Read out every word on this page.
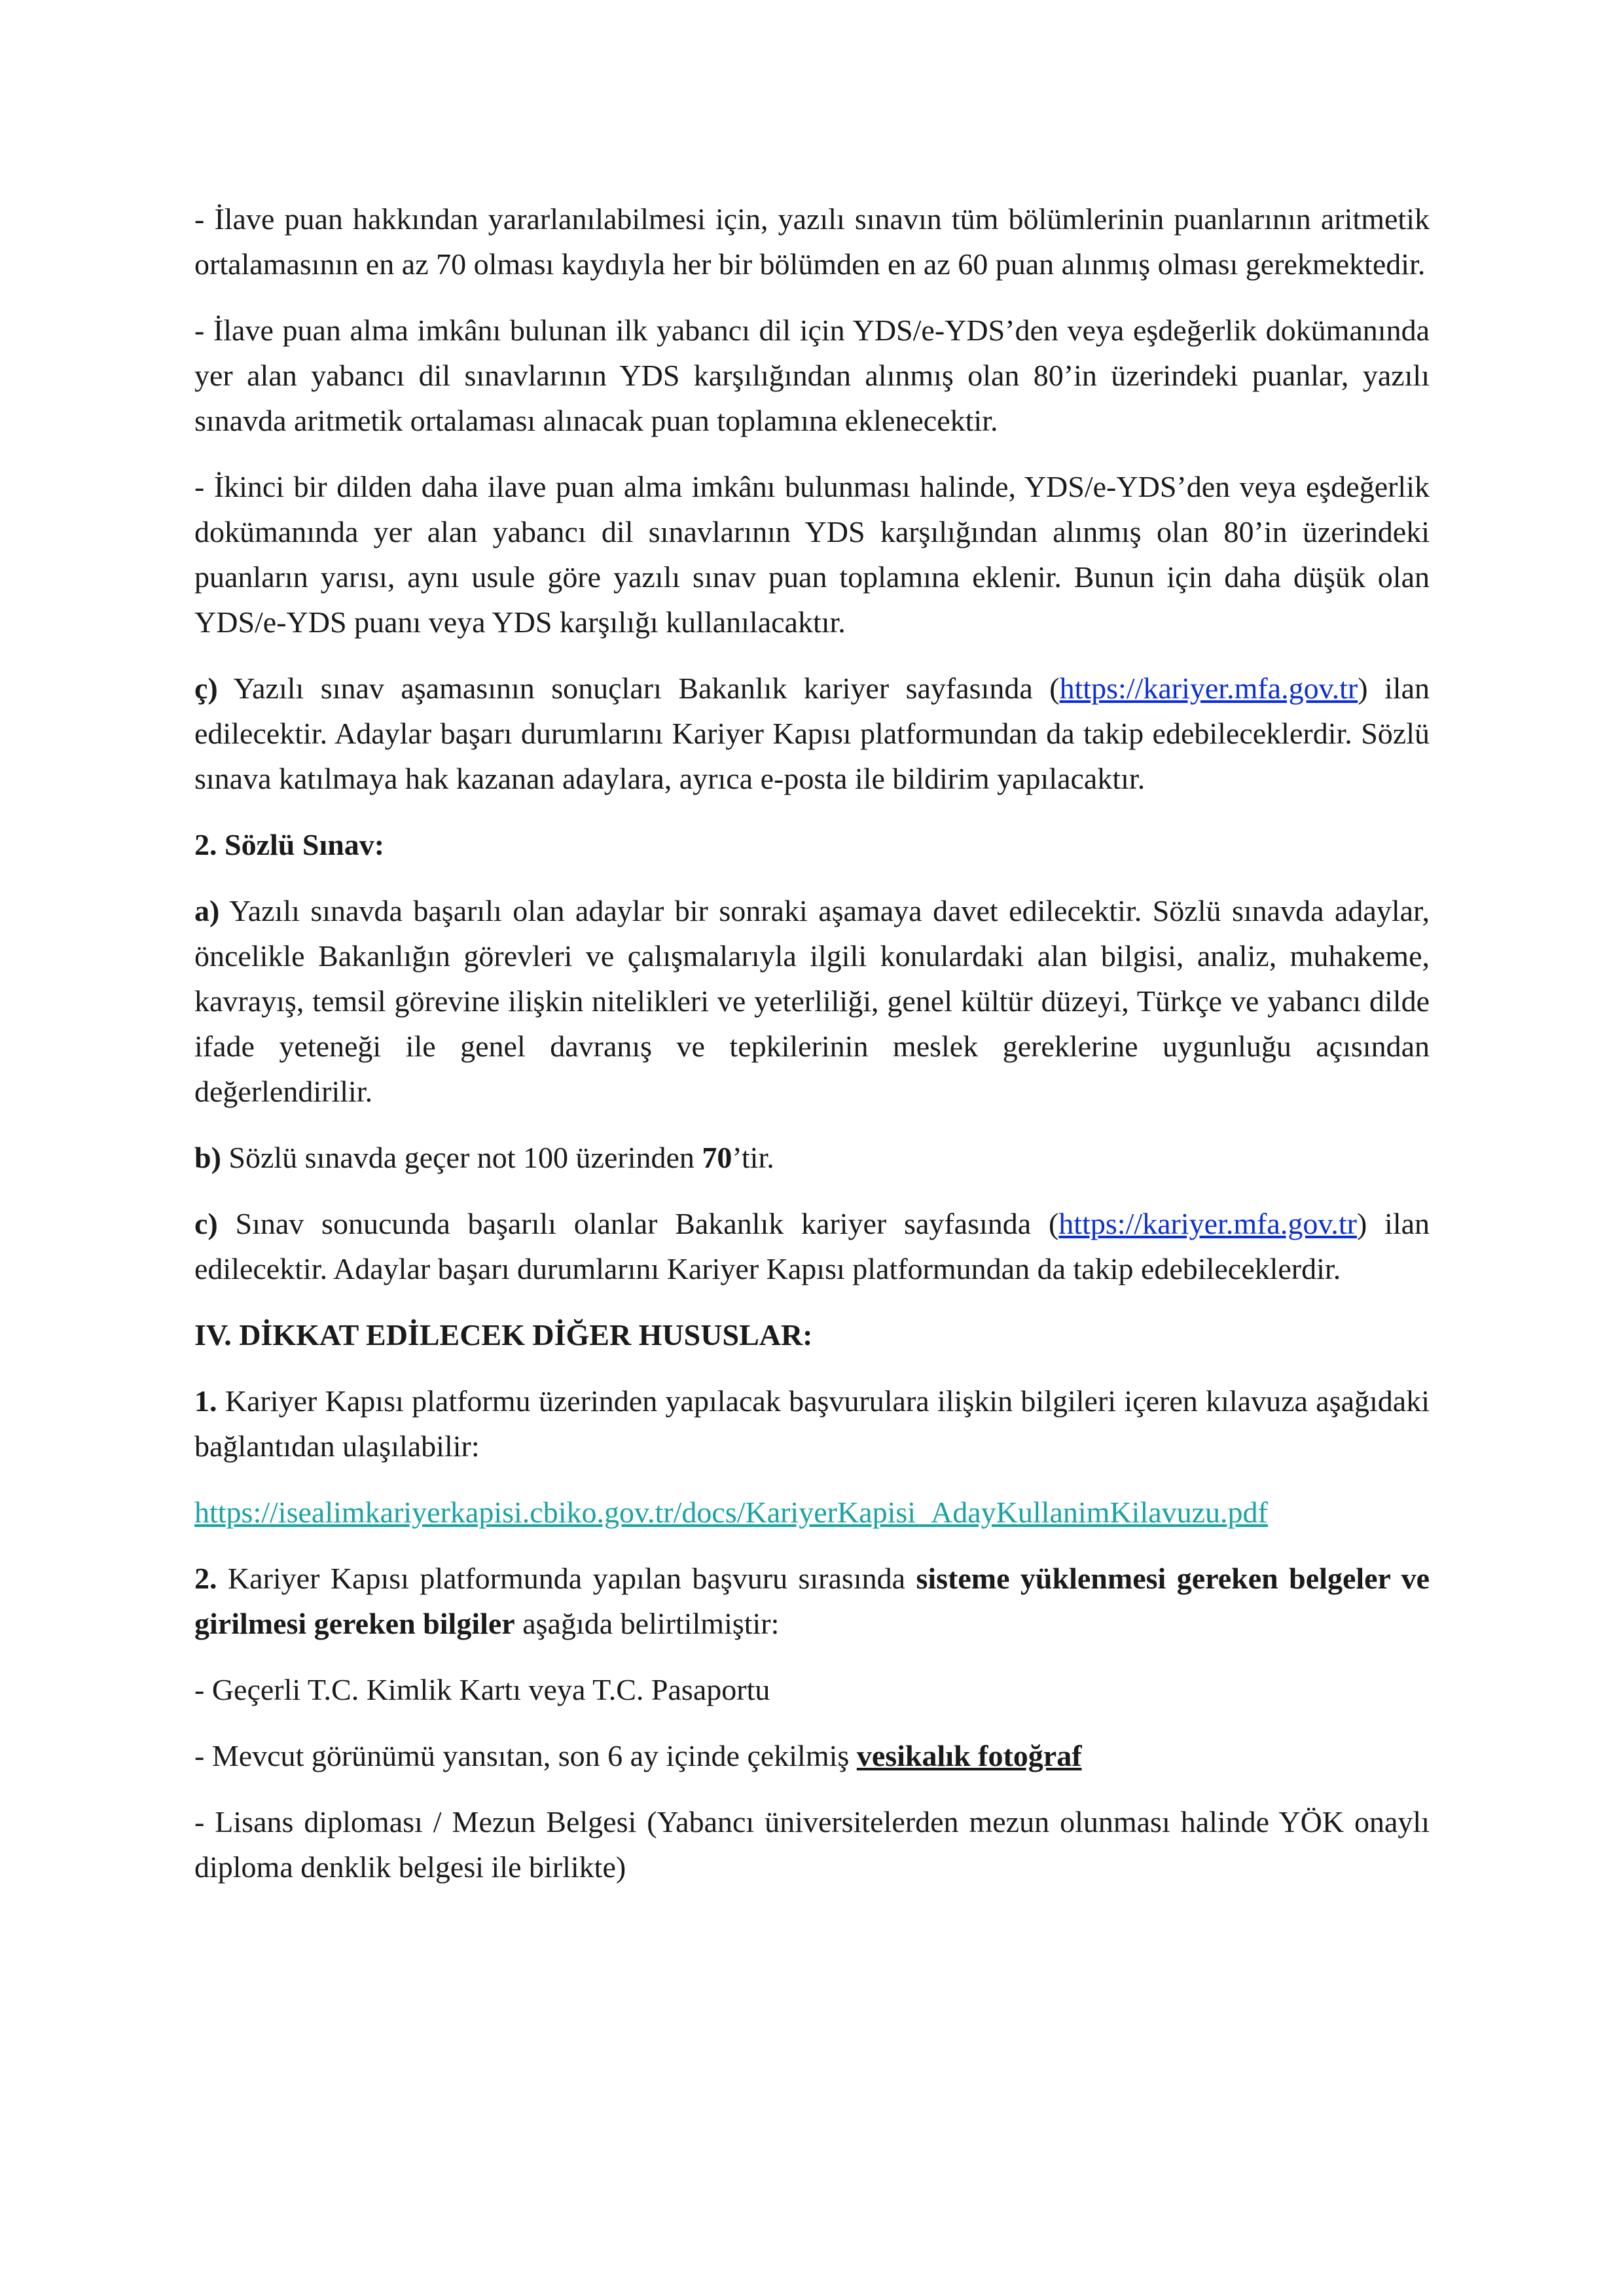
- İlave puan hakkından yararlanılabilmesi için, yazılı sınavın tüm bölümlerinin puanlarının aritmetik ortalamasının en az 70 olması kaydıyla her bir bölümden en az 60 puan alınmış olması gerekmektedir.

- İlave puan alma imkânı bulunan ilk yabancı dil için YDS/e-YDS’den veya eşdeğerlik dokümanında yer alan yabancı dil sınavlarının YDS karşılığından alınmış olan 80’in üzerindeki puanlar, yazılı sınavda aritmetik ortalaması alınacak puan toplamına eklenecektir.

- İkinci bir dilden daha ilave puan alma imkânı bulunması halinde, YDS/e-YDS’den veya eşdeğerlik dokümanında yer alan yabancı dil sınavlarının YDS karşılığından alınmış olan 80’in üzerindeki puanların yarısı, aynı usule göre yazılı sınav puan toplamına eklenir. Bunun için daha düşük olan YDS/e-YDS puanı veya YDS karşılığı kullanılacaktır.

ç) Yazılı sınav aşamasının sonuçları Bakanlık kariyer sayfasında (https://kariyer.mfa.gov.tr) ilan edilecektir. Adaylar başarı durumlarını Kariyer Kapısı platformundan da takip edebileceklerdir. Sözlü sınava katılmaya hak kazanan adaylara, ayrıca e-posta ile bildirim yapılacaktır.

2. Sözlü Sınav:

a) Yazılı sınavda başarılı olan adaylar bir sonraki aşamaya davet edilecektir. Sözlü sınavda adaylar, öncelikle Bakanlığın görevleri ve çalışmalarıyla ilgili konulardaki alan bilgisi, analiz, muhakeme, kavrayış, temsil görevine ilişkin nitelikleri ve yeterliliği, genel kültür düzeyi, Türkçe ve yabancı dilde ifade yeteneği ile genel davranış ve tepkilerinin meslek gereklerine uygunluğu açısından değerlendirilir.

b) Sözlü sınavda geçer not 100 üzerinden 70’tir.

c) Sınav sonucunda başarılı olanlar Bakanlık kariyer sayfasında (https://kariyer.mfa.gov.tr) ilan edilecektir. Adaylar başarı durumlarını Kariyer Kapısı platformundan da takip edebileceklerdir.

IV. DİKKAT EDİLECEK DİĞER HUSUSLAR:

1. Kariyer Kapısı platformu üzerinden yapılacak başvurulara ilişkin bilgileri içeren kılavuza aşağıdaki bağlantıdan ulaşılabilir:

https://isealimkariyerkapisi.cbiko.gov.tr/docs/KariyerKapisi_AdayKullanimKilavuzu.pdf

2. Kariyer Kapısı platformunda yapılan başvuru sırasında sisteme yüklenmesi gereken belgeler ve girilmesi gereken bilgiler aşağıda belirtilmiştir:

- Geçerli T.C. Kimlik Kartı veya T.C. Pasaportu

- Mevcut görünümü yansıtan, son 6 ay içinde çekilmiş vesikalık fotoğraf

- Lisans diploması / Mezun Belgesi (Yabancı üniversitelerden mezun olunması halinde YÖK onaylı diploma denklik belgesi ile birlikte)
